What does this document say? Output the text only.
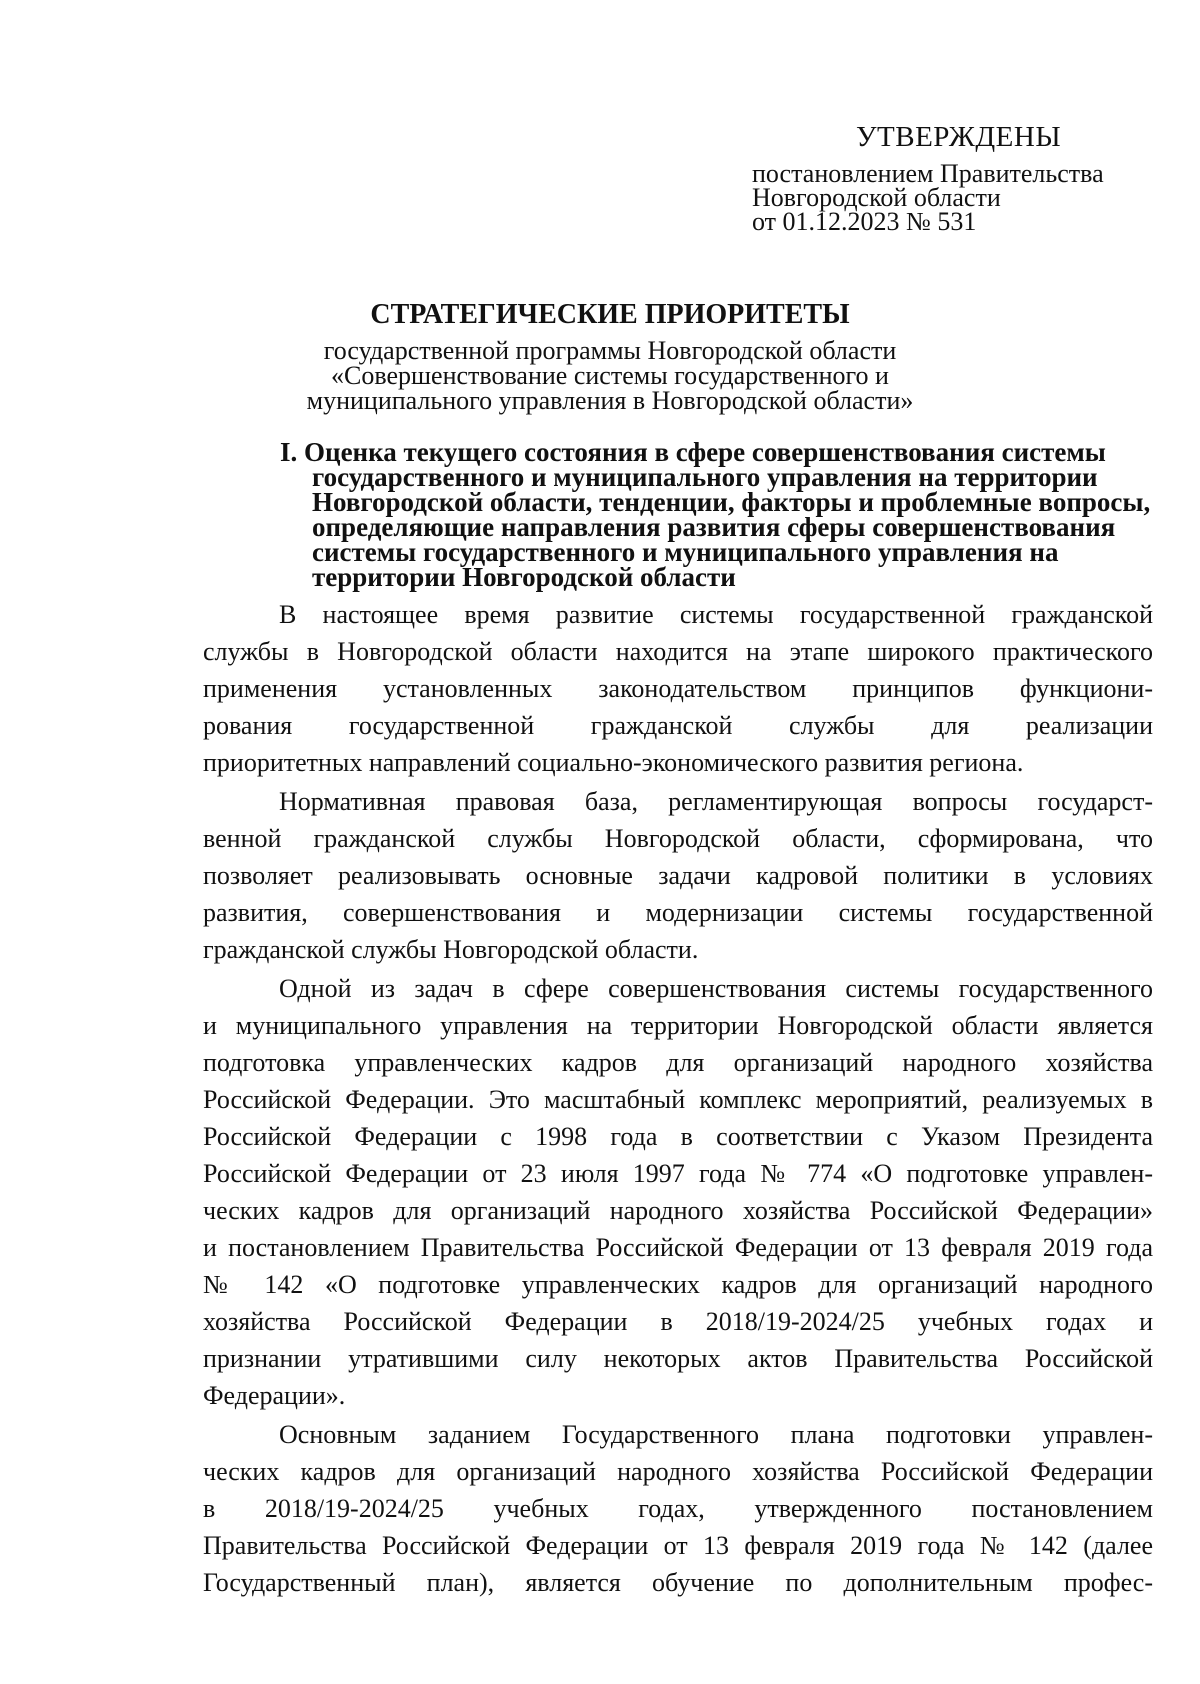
УТВЕРЖДЕНЫ
постановлением Правительства
Новгородской области
от 01.12.2023 № 531
СТРАТЕГИЧЕСКИЕ ПРИОРИТЕТЫ
государственной программы Новгородской области
«Совершенствование системы государственного и
муниципального управления в Новгородской области»
I. Оценка текущего состояния в сфере совершенствования системы
государственного и муниципального управления на территории
Новгородской области, тенденции, факторы и проблемные вопросы,
определяющие направления развития сферы совершенствования
системы государственного и муниципального управления на
территории Новгородской области
В настоящее время развитие системы государственной гражданской
службы в Новгородской области находится на этапе широкого практического
применения установленных законодательством принципов функциони-
рования государственной гражданской службы для реализации
приоритетных направлений социально-экономического развития региона.
Нормативная правовая база, регламентирующая вопросы государст-
венной гражданской службы Новгородской области, сформирована, что
позволяет реализовывать основные задачи кадровой политики в условиях
развития, совершенствования и модернизации системы государственной
гражданской службы Новгородской области.
Одной из задач в сфере совершенствования системы государственного
и муниципального управления на территории Новгородской области является
подготовка управленческих кадров для организаций народного хозяйства
Российской Федерации. Это масштабный комплекс мероприятий, реализуемых в
Российской Федерации с 1998 года в соответствии с Указом Президента
Российской Федерации от 23 июля 1997 года № 774 «О подготовке управлен-
ческих кадров для организаций народного хозяйства Российской Федерации»
и постановлением Правительства Российской Федерации от 13 февраля 2019 года
№ 142 «О подготовке управленческих кадров для организаций народного
хозяйства Российской Федерации в 2018/19-2024/25 учебных годах и
признании утратившими силу некоторых актов Правительства Российской
Федерации».
Основным заданием Государственного плана подготовки управлен-
ческих кадров для организаций народного хозяйства Российской Федерации
в 2018/19-2024/25 учебных годах, утвержденного постановлением
Правительства Российской Федерации от 13 февраля 2019 года № 142 (далее
Государственный план), является обучение по дополнительным профес-
